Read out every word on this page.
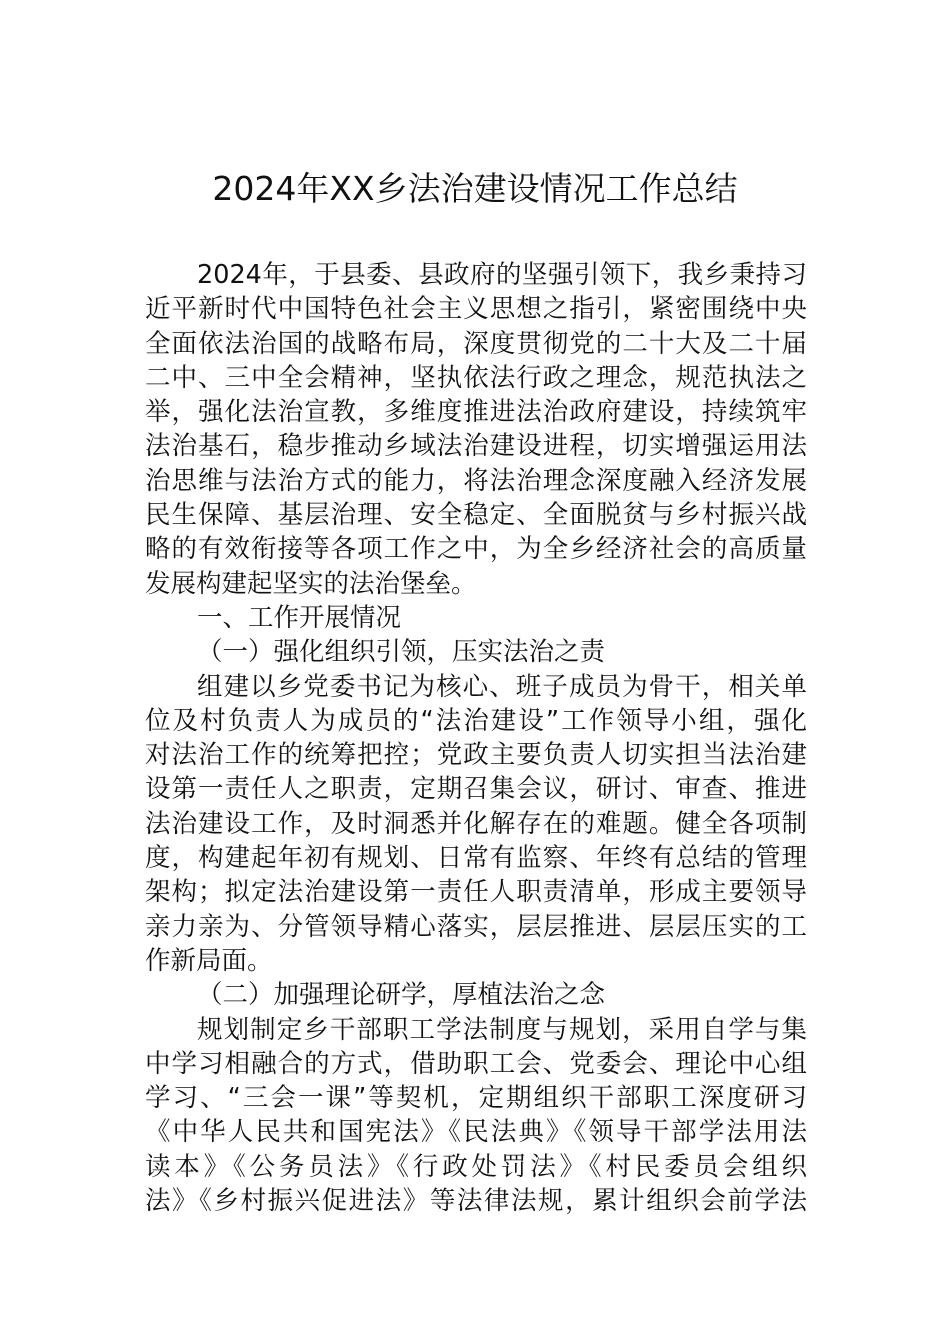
2024年XX乡法治建设情况工作总结
2024年，于县委、县政府的坚强引领下，我乡秉持习
近平新时代中国特色社会主义思想之指引，紧密围绕中央
全面依法治国的战略布局，深度贯彻党的二十大及二十届
二中、三中全会精神，坚执依法行政之理念，规范执法之
举，强化法治宣教，多维度推进法治政府建设，持续筑牢
法治基石，稳步推动乡域法治建设进程，切实增强运用法
治思维与法治方式的能力，将法治理念深度融入经济发展
民生保障、基层治理、安全稳定、全面脱贫与乡村振兴战
略的有效衔接等各项工作之中，为全乡经济社会的高质量
发展构建起坚实的法治堡垒。
一、工作开展情况
（一）强化组织引领，压实法治之责
组建以乡党委书记为核心、班子成员为骨干，相关单
位及村负责人为成员的“法治建设”工作领导小组，强化
对法治工作的统筹把控；党政主要负责人切实担当法治建
设第一责任人之职责，定期召集会议，研讨、审查、推进
法治建设工作，及时洞悉并化解存在的难题。健全各项制
度，构建起年初有规划、日常有监察、年终有总结的管理
架构；拟定法治建设第一责任人职责清单，形成主要领导
亲力亲为、分管领导精心落实，层层推进、层层压实的工
作新局面。
（二）加强理论研学，厚植法治之念
规划制定乡干部职工学法制度与规划，采用自学与集
中学习相融合的方式，借助职工会、党委会、理论中心组
学习、“三会一课”等契机，定期组织干部职工深度研习
《中华人民共和国宪法》《民法典》《领导干部学法用法
读本》《公务员法》《行政处罚法》《村民委员会组织
法》《乡村振兴促进法》等法律法规，累计组织会前学法
